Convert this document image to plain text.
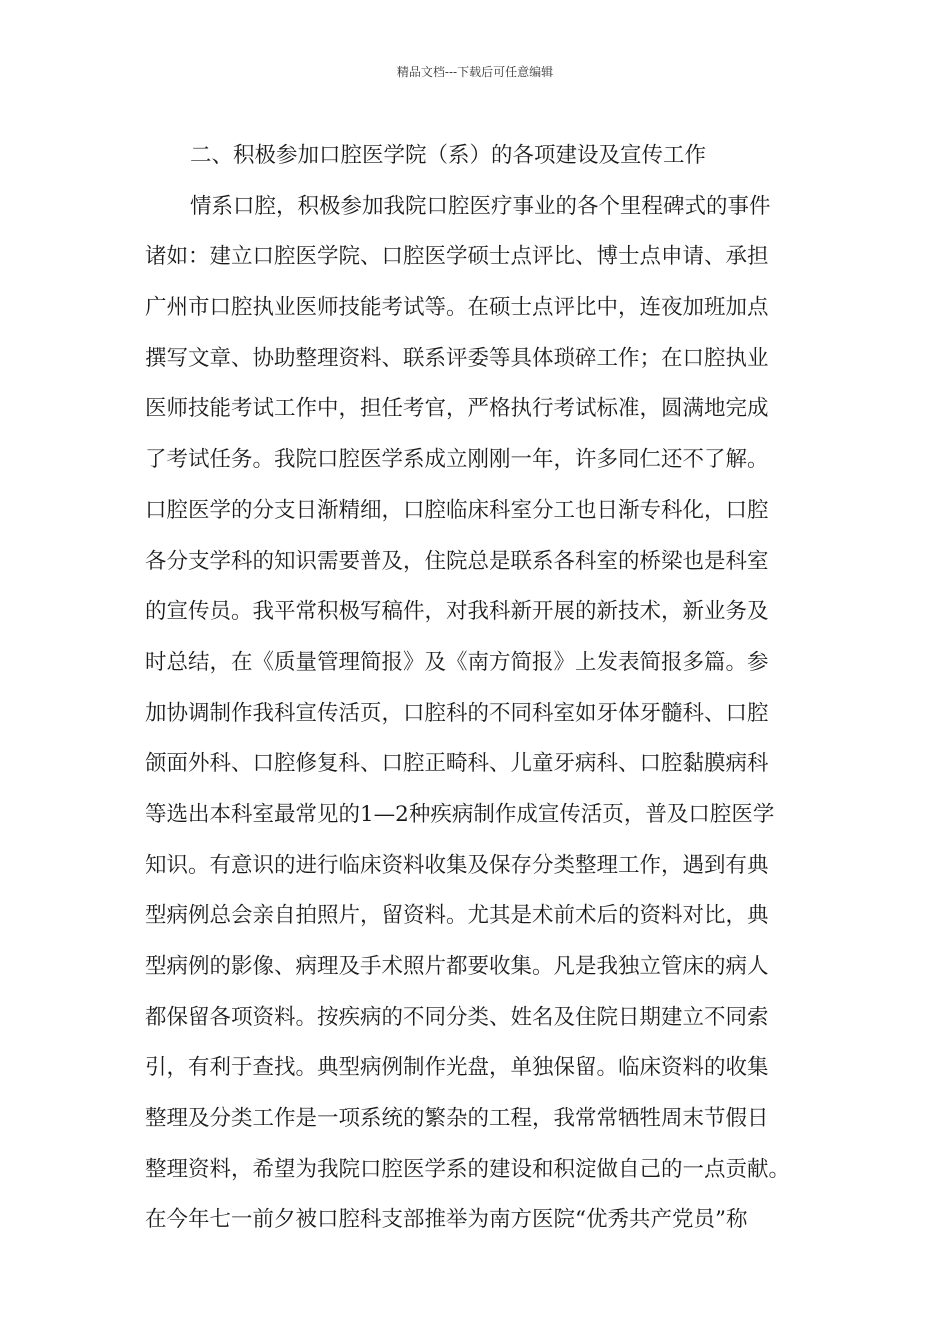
精品文档---下载后可任意编辑
二、积极参加口腔医学院（系）的各项建设及宣传工作
情系口腔，积极参加我院口腔医疗事业的各个里程碑式的事件
诸如：建立口腔医学院、口腔医学硕士点评比、博士点申请、承担
广州市口腔执业医师技能考试等。在硕士点评比中，连夜加班加点
撰写文章、协助整理资料、联系评委等具体琐碎工作；在口腔执业
医师技能考试工作中，担任考官，严格执行考试标准，圆满地完成
了考试任务。我院口腔医学系成立刚刚一年，许多同仁还不了解。
口腔医学的分支日渐精细，口腔临床科室分工也日渐专科化，口腔
各分支学科的知识需要普及，住院总是联系各科室的桥梁也是科室
的宣传员。我平常积极写稿件，对我科新开展的新技术，新业务及
时总结，在《质量管理简报》及《南方简报》上发表简报多篇。参
加协调制作我科宣传活页，口腔科的不同科室如牙体牙髓科、口腔
颌面外科、口腔修复科、口腔正畸科、儿童牙病科、口腔黏膜病科
等选出本科室最常见的1—2种疾病制作成宣传活页，普及口腔医学
知识。有意识的进行临床资料收集及保存分类整理工作，遇到有典
型病例总会亲自拍照片，留资料。尤其是术前术后的资料对比，典
型病例的影像、病理及手术照片都要收集。凡是我独立管床的病人
都保留各项资料。按疾病的不同分类、姓名及住院日期建立不同索
引，有利于查找。典型病例制作光盘，单独保留。临床资料的收集
整理及分类工作是一项系统的繁杂的工程，我常常牺牲周末节假日
整理资料，希望为我院口腔医学系的建设和积淀做自己的一点贡献。
在今年七一前夕被口腔科支部推举为南方医院“优秀共产党员”称
